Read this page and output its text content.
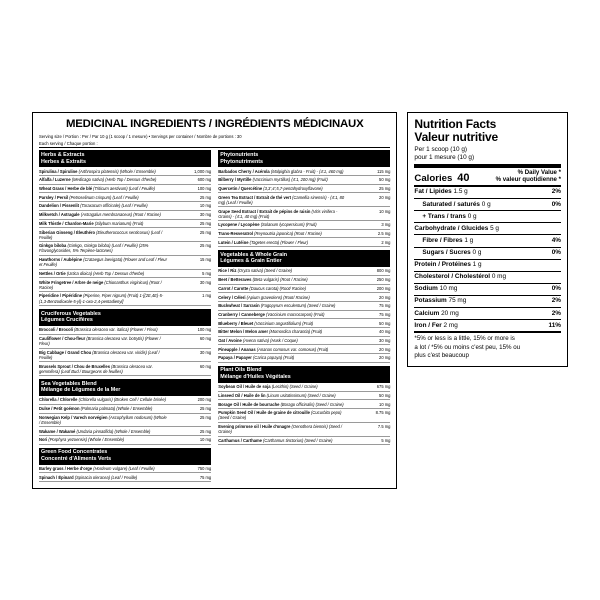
MEDICINAL INGREDIENTS / INGRÉDIENTS MÉDICINAUX
Serving size / Portion : Per / Par 10 g (1 scoop / 1 mesure) • Servings per container / Nombre de portions : 30
Each serving / Chaque portion :
Herbs & Extracts
Herbes & Extraits
Spirulina / Spiruline (Arthrospira platensis) (Whole / Ensemble)	1,000 mg
Alfalfa / Luzerne (Medicago sativa) (Herb Top / Dessus d'herbe)	600 mg
Wheat Grass / Herbe de blé (Triticum aestivum) (Leaf / Feuille)	100 mg
Parsley / Persil (Petroselinum crispum) (Leaf / Feuille)	25 mg
Dandelion / Pissenlit (Taraxacum officinale) (Leaf / Feuille)	10 mg
Milkvetch / Astragale (Astragalus membranaceus) (Root / Racine)	30 mg
Milk Thistle / Chardon-Marie (Silybum marianum) (Fruit)	25 mg
Siberian Ginseng / Éleuthéro (Eleutherococcus senticosus) (Leaf / Feuille)	25 mg
Ginkgo biloba (Ginkgo, Ginkgo biloba) (Leaf / Feuille) (25% Flavonglycosides, 5% Terpène-lactones)	25 mg
Hawthorns / Aubépine (Crataegus laevigata) (Flower and Leaf / Fleur et Feuille)	15 mg
Nettles / Ortie (Urtica dioica) (Herb Top / Dessus d'herbe)	5 mg
White Fringetree / Arbre de neige (Chionanthus virginicus) (Root / Racine)	30 mg
Piperidine / Pipéridine (Piperine, Piper nigrum) (Fruit) 1-[(2E,4E)-5-(1,3-Benzodioxole-5-yl)-1-oxo-2,4-pentadienyl]	1 mg
Cruciferous Vegetables
Légumes Crucifères
Broccoli / Brocoli (Brassica oleracea var. italica) (Flower / Fleur)	100 mg
Cauliflower / Chou-fleur (Brassica oleracea var. botrytis) (Flower / Fleur)	60 mg
Big Cabbage / Grand Chou (Brassica oleracea var. viridis) (Leaf / Feuille)	30 mg
Brussels Sprout / Chou de Bruxelles (Brassica oleracea var. gemmifera) (Leaf Bud / Bourgeons de feuilles)	60 mg
Sea Vegetables Blend
Mélange de Légumes de la Mer
Chlorella / Chlorelle (Chlorella vulgaris) (Broken Cell / Cellule brisée)	200 mg
Dulse / Petit goémon (Palmaria palmata) (Whole / Ensemble)	25 mg
Norwegian Kelp / Varech norvégien (Ascophyllum nodosum) (Whole / Ensemble)	25 mg
Wakame / Wakamé (Undaria pinnatifida) (Whole / Ensemble)	25 mg
Nori (Porphyra yezoensis) (Whole / Ensemble)	10 mg
Green Food Concentrates
Concentré d'Aliments Verts
Barley grass / Herbe d'orge (Hordeum vulgare) (Leaf / Feuille)	750 mg
Spinach / Épinard (Spinacia oleracea) (Leaf / Feuille)	75 mg
Phytonutrients
Phytonutriments
Barbados Cherry / Acérola (Malpighia glabra - Fruit) - (4:1, 460 mg)	115 mg
Bilberry / Myrtille (Vaccinium myrtillus) (4:1, 200 mg) (Fruit)	50 mg
Quercetin / Quercétine (3,3',4',5,7-pentahydroxyflavone)	25 mg
Green Tea Extract / Extrait de thé vert (Camellia sinensis) - (4:1, 80 mg) (Leaf / Feuille)	20 mg
Grape Seed Extract / Extrait de pépins de raisin (Vitis vinifera - Grains) - (4:1, 40 mg) (Fruit)	10 mg
Lycopene / Lycopène (Solanum lycopersicum) (Fruit)	3 mg
Trans-Resveratrol (Reynoutria japonica) (Root / Racine)	2.5 mg
Lutein / Lutéine (Tagetes erecta) (Flower / Fleur)	2 mg
Vegetables & Whole Grain
Légumes & Grain Entier
Rice / Riz (Oryza sativa) (Seed / Graine)	800 mg
Beet / Betteraves (Beta vulgaris) (Root / Racine)	250 mg
Carrot / Carotte (Daucus carota) (Root/ Racine)	200 mg
Celery / Céleri (Apium graveolens) (Root/ Racine)	20 mg
Buckwheat / Sarrasin (Fagopyrum esculentum) (Seed / Graine)	75 mg
Cranberry / Canneberge (Vaccinium macrocarpon) (Fruit)	75 mg
Blueberry / Bleuet (Vaccinium angustifolium) (Fruit)	50 mg
Bitter Melon / Melon amer (Momordica charantia) (Fruit)	40 mg
Oat / Avoine (Avena sativa) (Husk / Coque)	30 mg
Pineapple / Ananas (Ananas comosus var. comosus) (Fruit)	20 mg
Papaya / Papayer (Carica papaya) (Fruit)	20 mg
Plant Oils Blend
Mélange d'Huiles Végétales
Soybean Oil / Huile de soja (Lecithin) (Seed / Graine)	675 mg
Linseed Oil / Huile de lin (Linum usitatissimum) (Seed / Graine)	50 mg
Borage Oil / Huile de bourrache (Borago officinalis) (Seed / Graine)	10 mg
Pumpkin Seed Oil / Huile de graine de citrouille (Cucurbita pepo) (Seed / Graine)	8.75 mg
Evening primrose oil / Huile d'onagre (Oenothera biennis) (Seed / Graine)	7.5 mg
Carthamus / Carthame (Carthamus tinctorius) (Seed / Graine)	5 mg
Nutrition Facts
Valeur nutritive
Per 1 scoop (10 g)
pour 1 mesure (10 g)
Calories 40	% Daily Value *
% valeur quotidienne *
Fat / Lipides 1.5 g	2%
Saturated / saturés 0 g	0%
+ Trans / trans 0 g
Carbohydrate / Glucides 5 g
Fibre / Fibres 1 g	4%
Sugars / Sucres 0 g	0%
Protein / Protéines 1 g
Cholesterol / Cholestérol 0 mg
Sodium 10 mg	0%
Potassium 75 mg	2%
Calcium 20 mg	2%
Iron / Fer 2 mg	11%
*5% or less is a little, 15% or more is
a lot / *5% ou moins c'est peu, 15% ou
plus c'est beaucoup
